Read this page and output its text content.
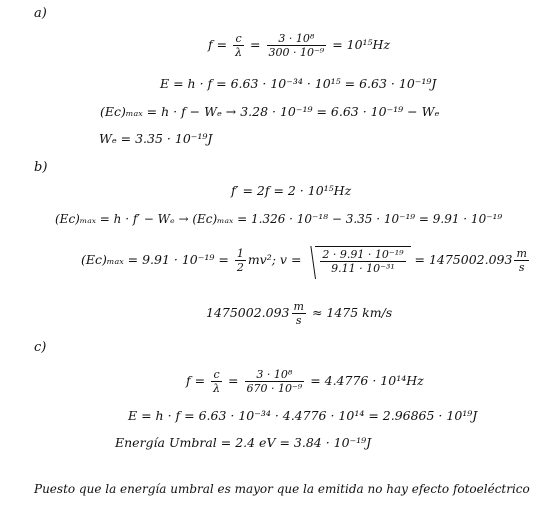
a)
$f = \frac{c}{\lambda} = \frac{\text{3 · 10⁸}}{\text{300 · 10⁻⁹}} = 10^{15}Hz$
E = h · f = 6.63 · 10⁻³⁴ · 10¹⁵ = 6.63 · 10⁻¹⁹J
(Ec)ₘₐₓ = h · f − Wₑ → 3.28 · 10⁻¹⁹ = 6.63 · 10⁻¹⁹ − Wₑ
Wₑ = 3.35 · 10⁻¹⁹J
b)
f′ = 2f = 2 · 10¹⁵Hz
(Ec)ₘₐₓ = h · f′ − Wₑ → (Ec)ₘₐₓ = 1.326 · 10⁻¹⁸ − 3.35 · 10⁻¹⁹ = 9.91 · 10⁻¹⁹
$(Ec)_{max} = 9.91 \cdot 10^{-19} = \frac{1}{2} mv^2$; $v = \frac{\text{2 · 9.91 · 10⁻¹⁹}}{\text{9.11 · 10⁻³¹}} = 1475002.093 \frac{m}{s}$
$1475002.093 \frac{m}{s} \approx 1475$ km/s
c)
$f = \frac{c}{\lambda} = \frac{\text{3 · 10⁸}}{\text{670 · 10⁻⁹}} = 4.4776 \cdot 10^{14}Hz$
E = h · f = 6.63 · 10⁻³⁴ · 4.4776 · 10¹⁴ = 2.96865 · 10¹⁹J
Energía Umbral = 2.4 eV = 3.84 · 10⁻¹⁹J
Puesto que la energía umbral es mayor que la emitida no hay efecto fotoeléctrico
